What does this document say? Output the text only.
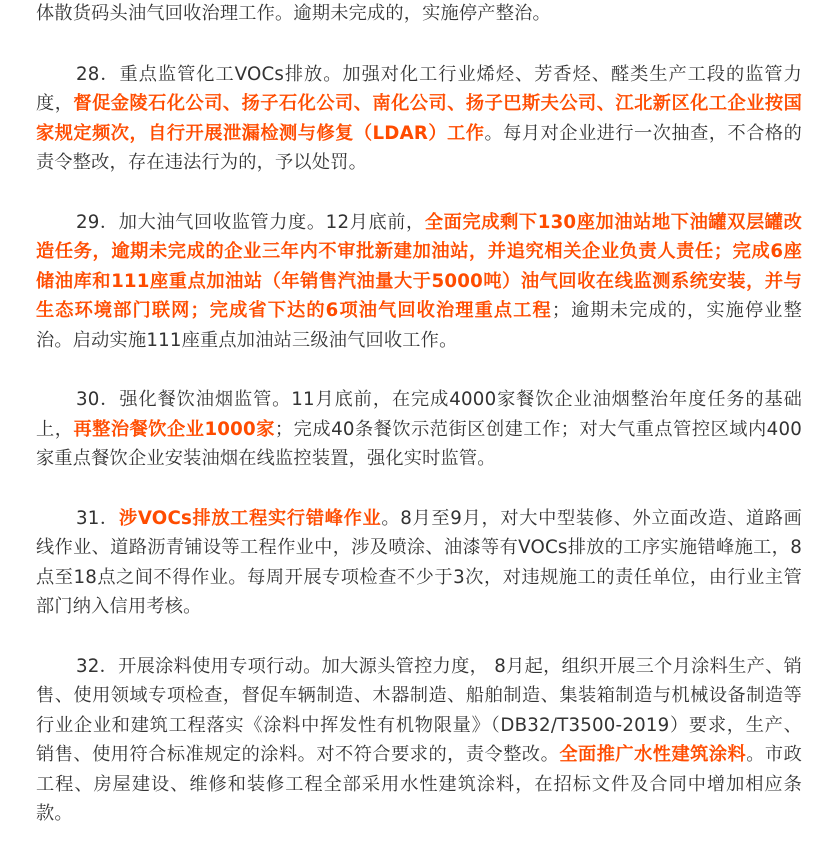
体散货码头油气回收治理工作。逾期未完成的，实施停产整治。

28．重点监管化工VOCs排放。加强对化工行业烯烃、芳香烃、醛类生产工段的监管力度，督促金陵石化公司、扬子石化公司、南化公司、扬子巴斯夫公司、江北新区化工企业按国家规定频次，自行开展泄漏检测与修复（LDAR）工作。每月对企业进行一次抽查，不合格的责令整改，存在违法行为的，予以处罚。

29．加大油气回收监管力度。12月底前，全面完成剩下130座加油站地下油罐双层罐改造任务，逾期未完成的企业三年内不审批新建加油站，并追究相关企业负责人责任；完成6座储油库和111座重点加油站（年销售汽油量大于5000吨）油气回收在线监测系统安装，并与生态环境部门联网；完成省下达的6项油气回收治理重点工程；逾期未完成的，实施停业整治。启动实施111座重点加油站三级油气回收工作。

30．强化餐饮油烟监管。11月底前，在完成4000家餐饮企业油烟整治年度任务的基础上，再整治餐饮企业1000家；完成40条餐饮示范街区创建工作；对大气重点管控区域内400家重点餐饮企业安装油烟在线监控装置，强化实时监管。

31．涉VOCs排放工程实行错峰作业。8月至9月，对大中型装修、外立面改造、道路画线作业、道路沥青铺设等工程作业中，涉及喷涂、油漆等有VOCs排放的工序实施错峰施工，8点至18点之间不得作业。每周开展专项检查不少于3次，对违规施工的责任单位，由行业主管部门纳入信用考核。

32．开展涂料使用专项行动。加大源头管控力度， 8月起，组织开展三个月涂料生产、销售、使用领域专项检查，督促车辆制造、木器制造、船舶制造、集装箱制造与机械设备制造等行业企业和建筑工程落实《涂料中挥发性有机物限量》（DB32/T3500-2019）要求，生产、销售、使用符合标准规定的涂料。对不符合要求的，责令整改。全面推广水性建筑涂料。市政工程、房屋建设、维修和装修工程全部采用水性建筑涂料，在招标文件及合同中增加相应条款。
